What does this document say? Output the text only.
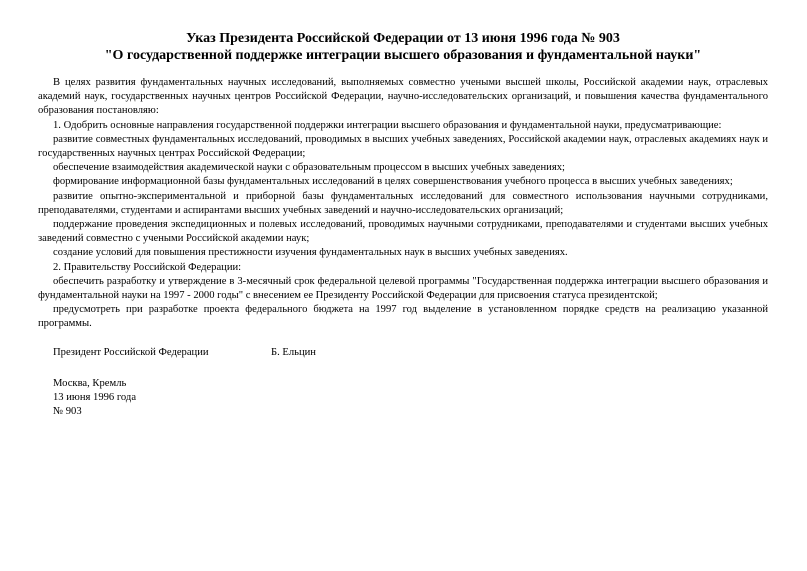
Указ Президента Российской Федерации от 13 июня 1996 года № 903
"О государственной поддержке интеграции высшего образования и фундаментальной науки"

В целях развития фундаментальных научных исследований, выполняемых совместно учеными высшей школы, Российской академии наук, отраслевых академий наук, государственных научных центров Российской Федерации, научно-исследовательских организаций, и повышения качества фундаментального образования постановляю:

1. Одобрить основные направления государственной поддержки интеграции высшего образования и фундаментальной науки, предусматривающие:

развитие совместных фундаментальных исследований, проводимых в высших учебных заведениях, Российской академии наук, отраслевых академиях наук и государственных научных центрах Российской Федерации;

обеспечение взаимодействия академической науки с образовательным процессом в высших учебных заведениях;

формирование информационной базы фундаментальных исследований в целях совершенствования учебного процесса в высших учебных заведениях;

развитие опытно-экспериментальной и приборной базы фундаментальных исследований для совместного использования научными сотрудниками, преподавателями, студентами и аспирантами высших учебных заведений и научно-исследовательских организаций;

поддержание проведения экспедиционных и полевых исследований, проводимых научными сотрудниками, преподавателями и студентами высших учебных заведений совместно с учеными Российской академии наук;

создание условий для повышения престижности изучения фундаментальных наук в высших учебных заведениях.

2. Правительству Российской Федерации:

обеспечить разработку и утверждение в 3-месячный срок федеральной целевой программы "Государственная поддержка интеграции высшего образования и фундаментальной науки на 1997 - 2000 годы" с внесением ее Президенту Российской Федерации для присвоения статуса президентской;

предусмотреть при разработке проекта федерального бюджета на 1997 год выделение в установленном порядке средств на реализацию указанной программы.

Президент Российской Федерации	Б. Ельцин
Москва, Кремль
13 июня 1996 года
№ 903
